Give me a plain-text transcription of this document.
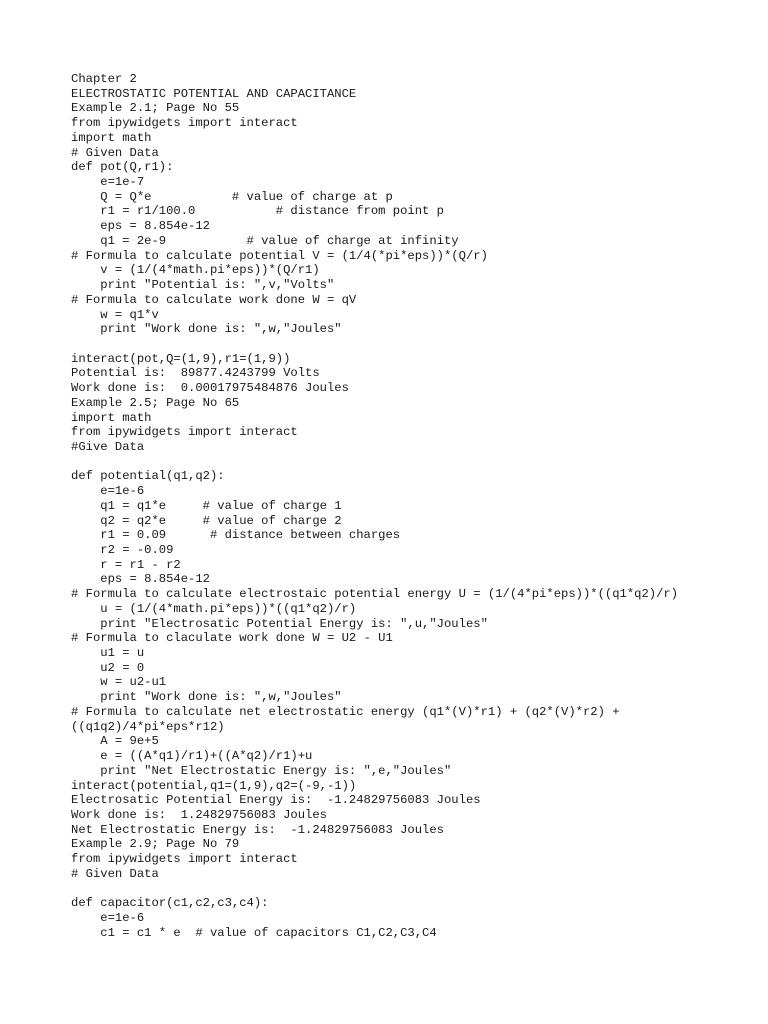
Chapter 2
ELECTROSTATIC POTENTIAL AND CAPACITANCE
Example 2.1; Page No 55
from ipywidgets import interact
import math
# Given Data
def pot(Q,r1):
e=1e-7
Q = Q*e           # value of charge at p
r1 = r1/100.0           # distance from point p
eps = 8.854e-12
q1 = 2e-9           # value of charge at infinity
# Formula to calculate potential V = (1/4(*pi*eps))*(Q/r)
v = (1/(4*math.pi*eps))*(Q/r1)
print "Potential is: ",v,"Volts"
# Formula to calculate work done W = qV
w = q1*v
print "Work done is: ",w,"Joules"
interact(pot,Q=(1,9),r1=(1,9))
Potential is:  89877.4243799 Volts
Work done is:  0.00017975484876 Joules
Example 2.5; Page No 65
import math
from ipywidgets import interact
#Give Data
def potential(q1,q2):
e=1e-6
q1 = q1*e     # value of charge 1
q2 = q2*e     # value of charge 2
r1 = 0.09      # distance between charges
r2 = -0.09
r = r1 - r2
eps = 8.854e-12
# Formula to calculate electrostaic potential energy U = (1/(4*pi*eps))*((q1*q2)/r)
u = (1/(4*math.pi*eps))*((q1*q2)/r)
print "Electrosatic Potential Energy is: ",u,"Joules"
# Formula to claculate work done W = U2 - U1
u1 = u
u2 = 0
w = u2-u1
print "Work done is: ",w,"Joules"
# Formula to calculate net electrostatic energy (q1*(V)*r1) + (q2*(V)*r2) +
((q1q2)/4*pi*eps*r12)
A = 9e+5
e = ((A*q1)/r1)+((A*q2)/r1)+u
print "Net Electrostatic Energy is: ",e,"Joules"
interact(potential,q1=(1,9),q2=(-9,-1))
Electrosatic Potential Energy is:  -1.24829756083 Joules
Work done is:  1.24829756083 Joules
Net Electrostatic Energy is:  -1.24829756083 Joules
Example 2.9; Page No 79
from ipywidgets import interact
# Given Data
def capacitor(c1,c2,c3,c4):
e=1e-6
c1 = c1 * e  # value of capacitors C1,C2,C3,C4
